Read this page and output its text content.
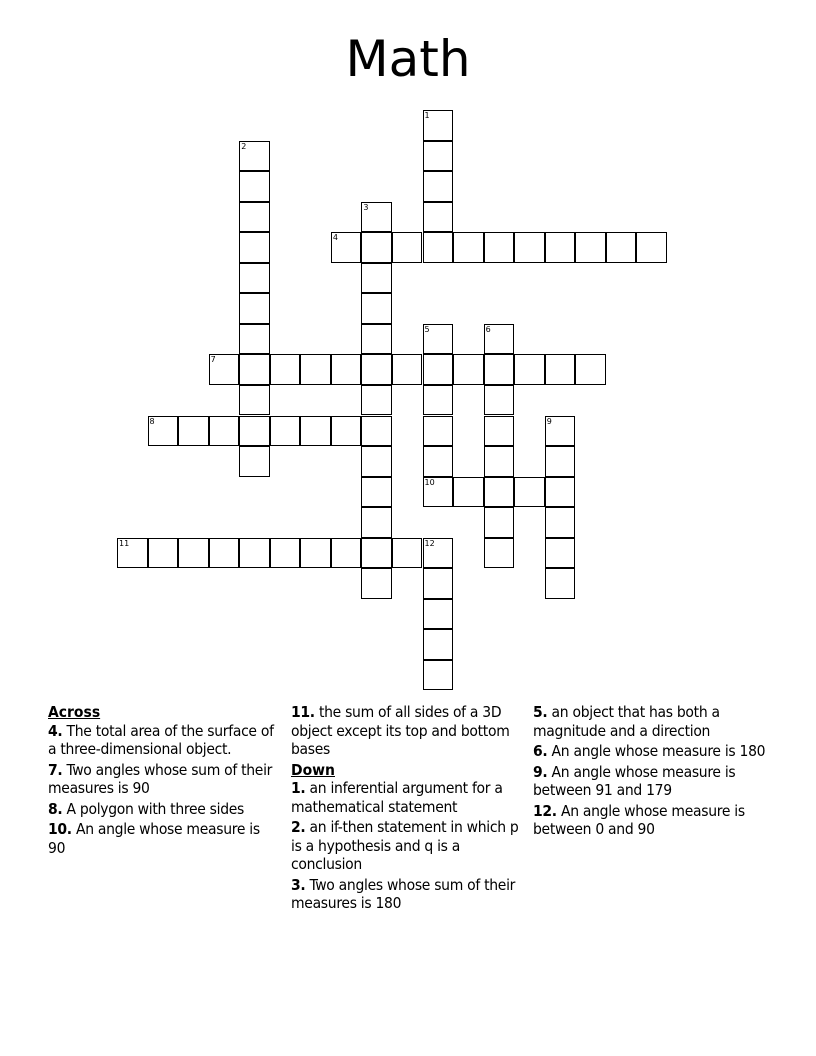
Math
1
2
3
4
5
10
6
7
8	9
11	12
Across
4. The total area of the surface of a three-dimensional object.
7. Two angles whose sum of their measures is 90
8. A polygon with three sides
10. An angle whose measure is 90
11. the sum of all sides of a 3D object except its top and bottom bases
Down
1. an inferential argument for a mathematical statement
2. an if-then statement in which p is a hypothesis and q is a conclusion
3. Two angles whose sum of their measures is 180
5. an object that has both a magnitude and a direction
6. An angle whose measure is 180
9. An angle whose measure is between 91 and 179
12. An angle whose measure is between 0 and 90
